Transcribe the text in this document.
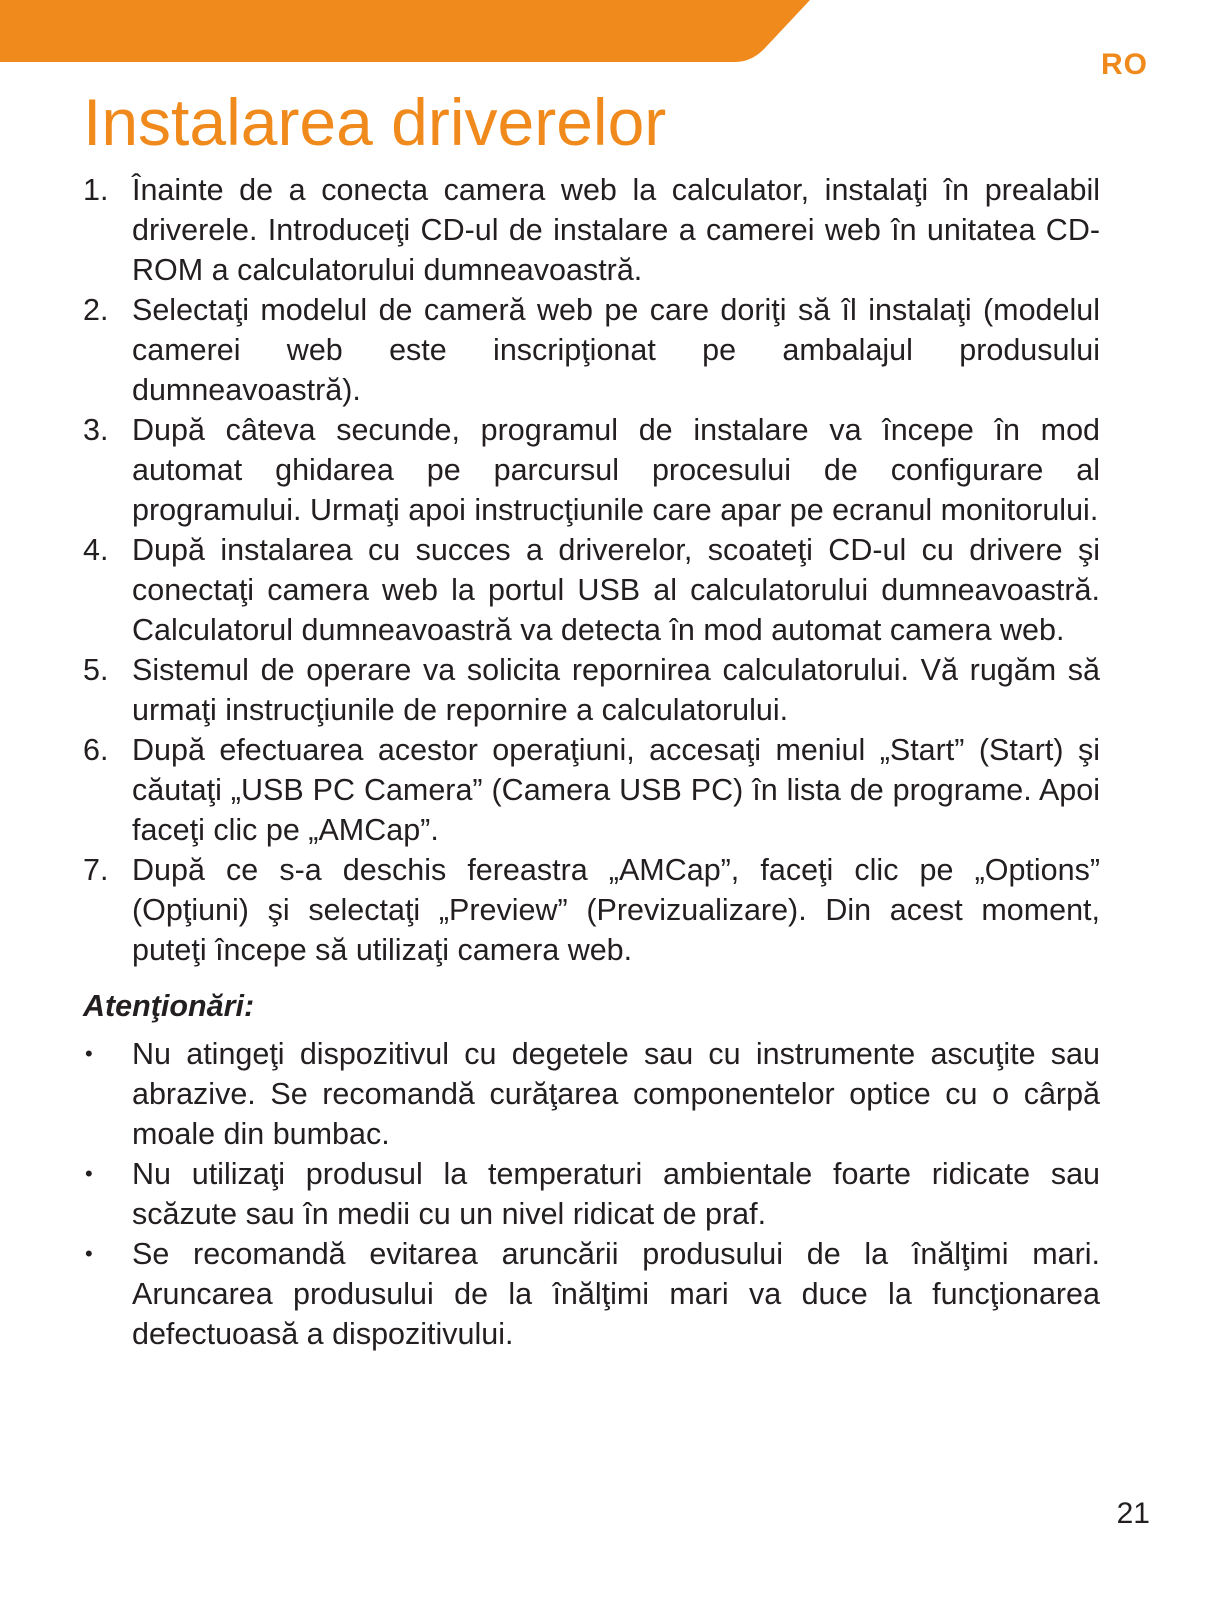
RO
Instalarea driverelor
1. Înainte de a conecta camera web la calculator, instalaţi în prealabil driverele. Introduceţi CD-ul de instalare a camerei web în unitatea CD-ROM a calculatorului dumneavoastră.
2. Selectaţi modelul de cameră web pe care doriţi să îl instalaţi (modelul camerei web este inscripţionat pe ambalajul produsului dumneavoastră).
3. După câteva secunde, programul de instalare va începe în mod automat ghidarea pe parcursul procesului de configurare al programului. Urmaţi apoi instrucţiunile care apar pe ecranul monitorului.
4. După instalarea cu succes a driverelor, scoateţi CD-ul cu drivere şi conectaţi camera web la portul USB al calculatorului dumneavoastră. Calculatorul dumneavoastră va detecta în mod automat camera web.
5. Sistemul de operare va solicita repornirea calculatorului. Vă rugăm să urmaţi instrucţiunile de repornire a calculatorului.
6. După efectuarea acestor operaţiuni, accesaţi meniul „Start” (Start) şi căutaţi „USB PC Camera” (Camera USB PC) în lista de programe. Apoi faceţi clic pe „AMCap”.
7. După ce s-a deschis fereastra „AMCap”, faceţi clic pe „Options” (Opţiuni) şi selectaţi „Preview” (Previzualizare). Din acest moment, puteţi începe să utilizaţi camera web.
Atenţionări:
• Nu atingeţi dispozitivul cu degetele sau cu instrumente ascuţite sau abrazive. Se recomandă curăţarea componentelor optice cu o cârpă moale din bumbac.
• Nu utilizaţi produsul la temperaturi ambientale foarte ridicate sau scăzute sau în medii cu un nivel ridicat de praf.
• Se recomandă evitarea aruncării produsului de la înălţimi mari. Aruncarea produsului de la înălţimi mari va duce la funcţionarea defectuoasă a dispozitivului.
21
